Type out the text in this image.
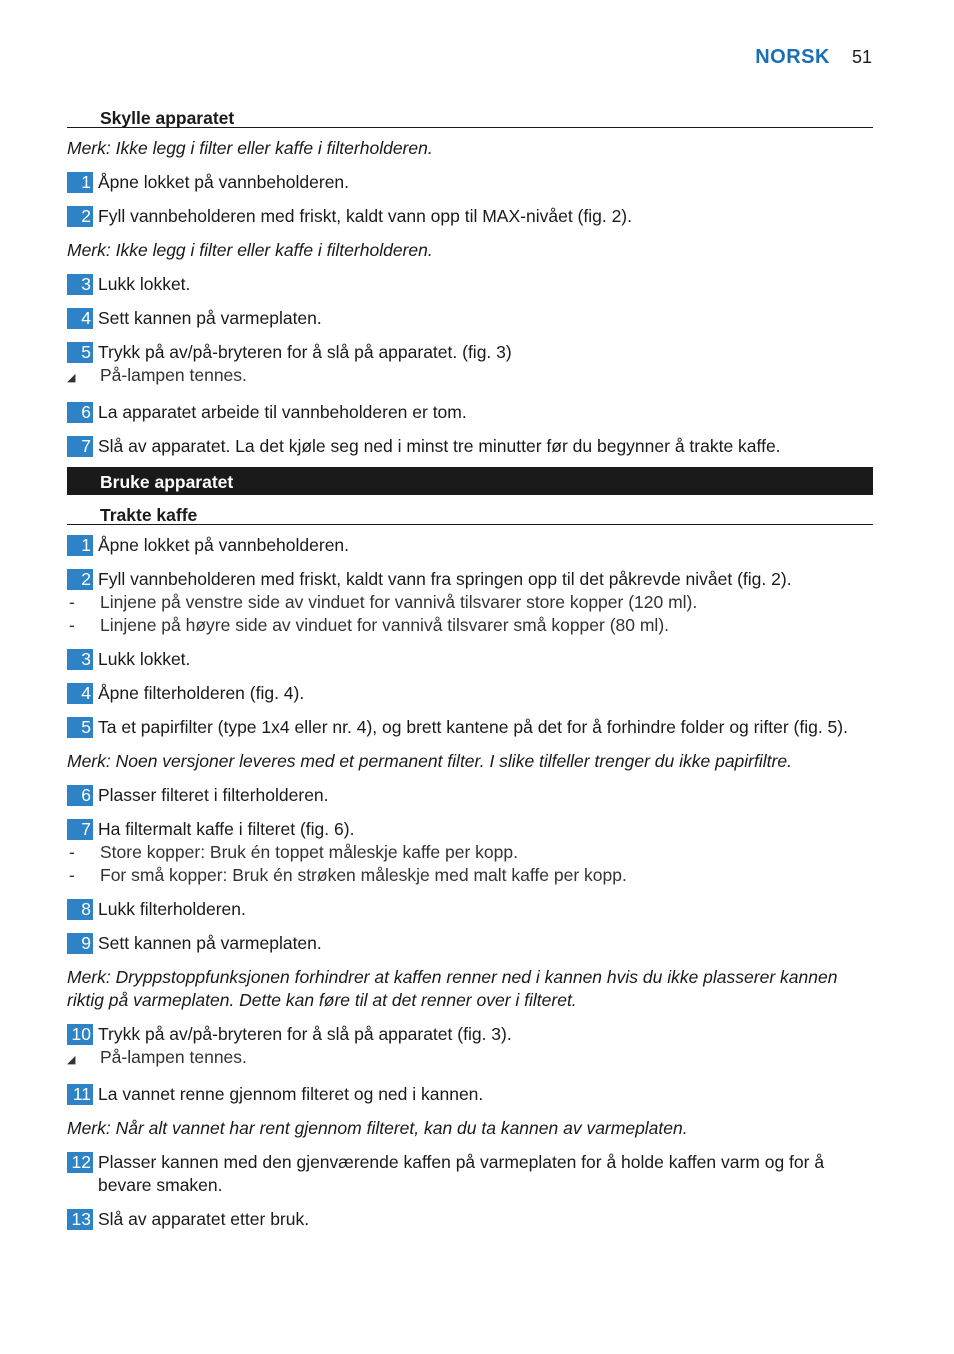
NORSK 51
Skylle apparatet
Merk: Ikke legg i filter eller kaffe i filterholderen.
1 Åpne lokket på vannbeholderen.
2 Fyll vannbeholderen med friskt, kaldt vann opp til MAX-nivået (fig. 2).
Merk: Ikke legg i filter eller kaffe i filterholderen.
3 Lukk lokket.
4 Sett kannen på varmeplaten.
5 Trykk på av/på-bryteren for å slå på apparatet. (fig. 3)
◢	På-lampen tennes.
6 La apparatet arbeide til vannbeholderen er tom.
7 Slå av apparatet. La det kjøle seg ned i minst tre minutter før du begynner å trakte kaffe.
Bruke apparatet
Trakte kaffe
1 Åpne lokket på vannbeholderen.
2 Fyll vannbeholderen med friskt, kaldt vann fra springen opp til det påkrevde nivået (fig. 2).
-	Linjene på venstre side av vinduet for vannivå tilsvarer store kopper (120 ml).
-	Linjene på høyre side av vinduet for vannivå tilsvarer små kopper (80 ml).
3 Lukk lokket.
4 Åpne filterholderen (fig. 4).
5 Ta et papirfilter (type 1x4 eller nr. 4), og brett kantene på det for å forhindre folder og rifter (fig. 5).
Merk: Noen versjoner leveres med et permanent filter. I slike tilfeller trenger du ikke papirfiltre.
6 Plasser filteret i filterholderen.
7 Ha filtermalt kaffe i filteret (fig. 6).
-	Store kopper: Bruk én toppet måleskje kaffe per kopp.
-	For små kopper: Bruk én strøken måleskje med malt kaffe per kopp.
8 Lukk filterholderen.
9 Sett kannen på varmeplaten.
Merk: Dryppstoppfunksjonen forhindrer at kaffen renner ned i kannen hvis du ikke plasserer kannen riktig på varmeplaten. Dette kan føre til at det renner over i filteret.
10 Trykk på av/på-bryteren for å slå på apparatet (fig. 3).
◢	På-lampen tennes.
11 La vannet renne gjennom filteret og ned i kannen.
Merk: Når alt vannet har rent gjennom filteret, kan du ta kannen av varmeplaten.
12 Plasser kannen med den gjenværende kaffen på varmeplaten for å holde kaffen varm og for å bevare smaken.
13 Slå av apparatet etter bruk.
